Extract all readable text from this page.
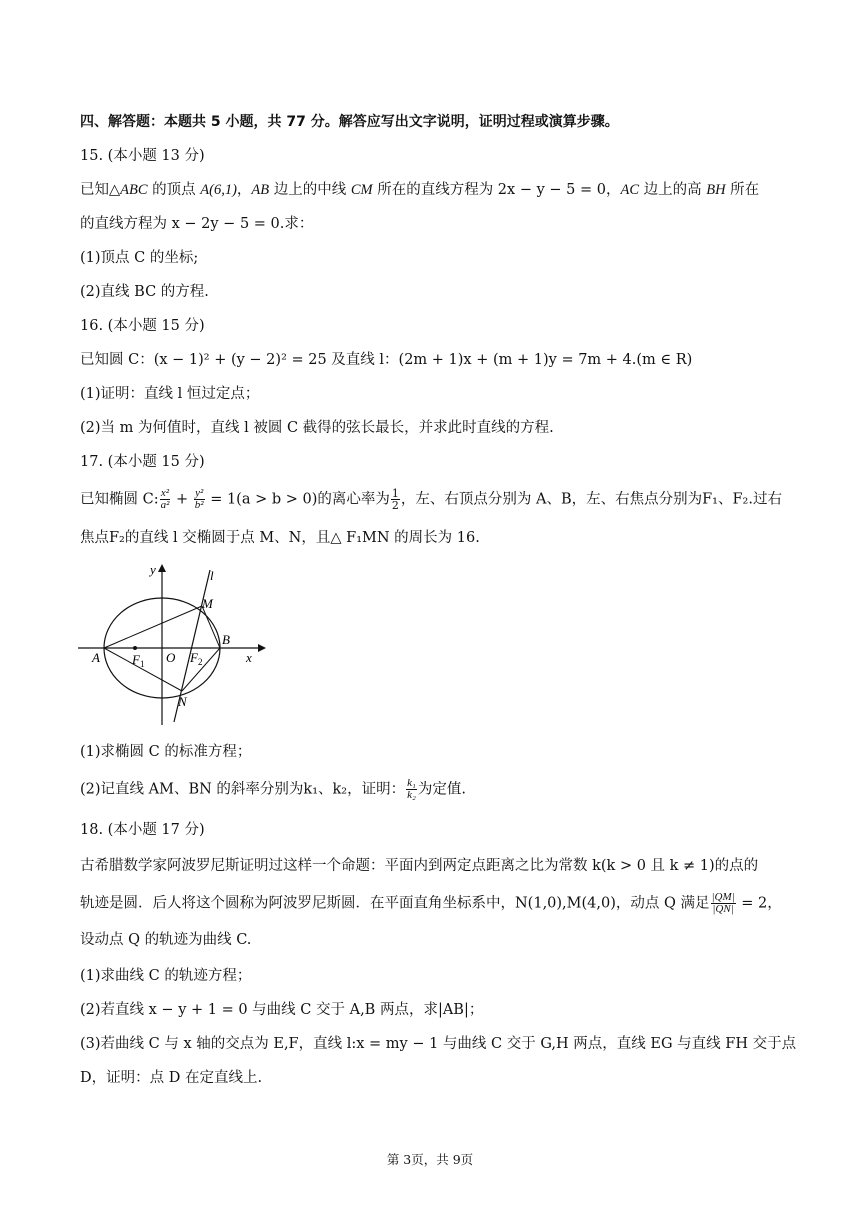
四、解答题：本题共 5 小题，共 77 分。解答应写出文字说明，证明过程或演算步骤。
15. (本小题 13 分)
已知△ABC 的顶点 A(6,1)，AB 边上的中线 CM 所在的直线方程为 2x − y − 5 = 0，AC 边上的高 BH 所在
的直线方程为 x − 2y − 5 = 0.求：
(1)顶点 C 的坐标;
(2)直线 BC 的方程.
16. (本小题 15 分)
已知圆 C：(x − 1)² + (y − 2)² = 25 及直线 l：(2m + 1)x + (m + 1)y = 7m + 4.(m ∈ R)
(1)证明：直线 l 恒过定点；
(2)当 m 为何值时，直线 l 被圆 C 截得的弦长最长，并求此时直线的方程.
17. (本小题 15 分)
已知椭圆 C: $\frac{\text{x²}}{\text{a²}} + \frac{\text{y²}}{\text{b²}} = 1(a > b > 0)$的离心率为 $\frac{1}{2}$ ，左、右顶点分别为 A、B，左、右焦点分别为F₁、F₂.过右
焦点F₂的直线 l 交椭圆于点 M、N，且△ F₁MN 的周长为 16.
y	l
M
A $F_1$ O $F_2$
B
x
N
(1)求椭圆 C 的标准方程；
(2)记直线 AM、BN 的斜率分别为k₁、k₂，证明： $\frac{\text{k₁}}{\text{k₂}}$ 为定值.
18. (本小题 17 分)
古希腊数学家阿波罗尼斯证明过这样一个命题：平面内到两定点距离之比为常数 k(k > 0 且 k ≠ 1)的点的
轨迹是圆．后人将这个圆称为阿波罗尼斯圆．在平面直角坐标系中，N(1,0),M(4,0)，动点 Q 满足 $\frac{|QM|}{|QN|} = 2$，
设动点 Q 的轨迹为曲线 C.
(1)求曲线 C 的轨迹方程；
(2)若直线 x − y + 1 = 0 与曲线 C 交于 A,B 两点，求|AB|；
(3)若曲线 C 与 x 轴的交点为 E,F，直线 l:x = my − 1 与曲线 C 交于 G,H 两点，直线 EG 与直线 FH 交于点
D，证明：点 D 在定直线上.
第 3页，共 9页
